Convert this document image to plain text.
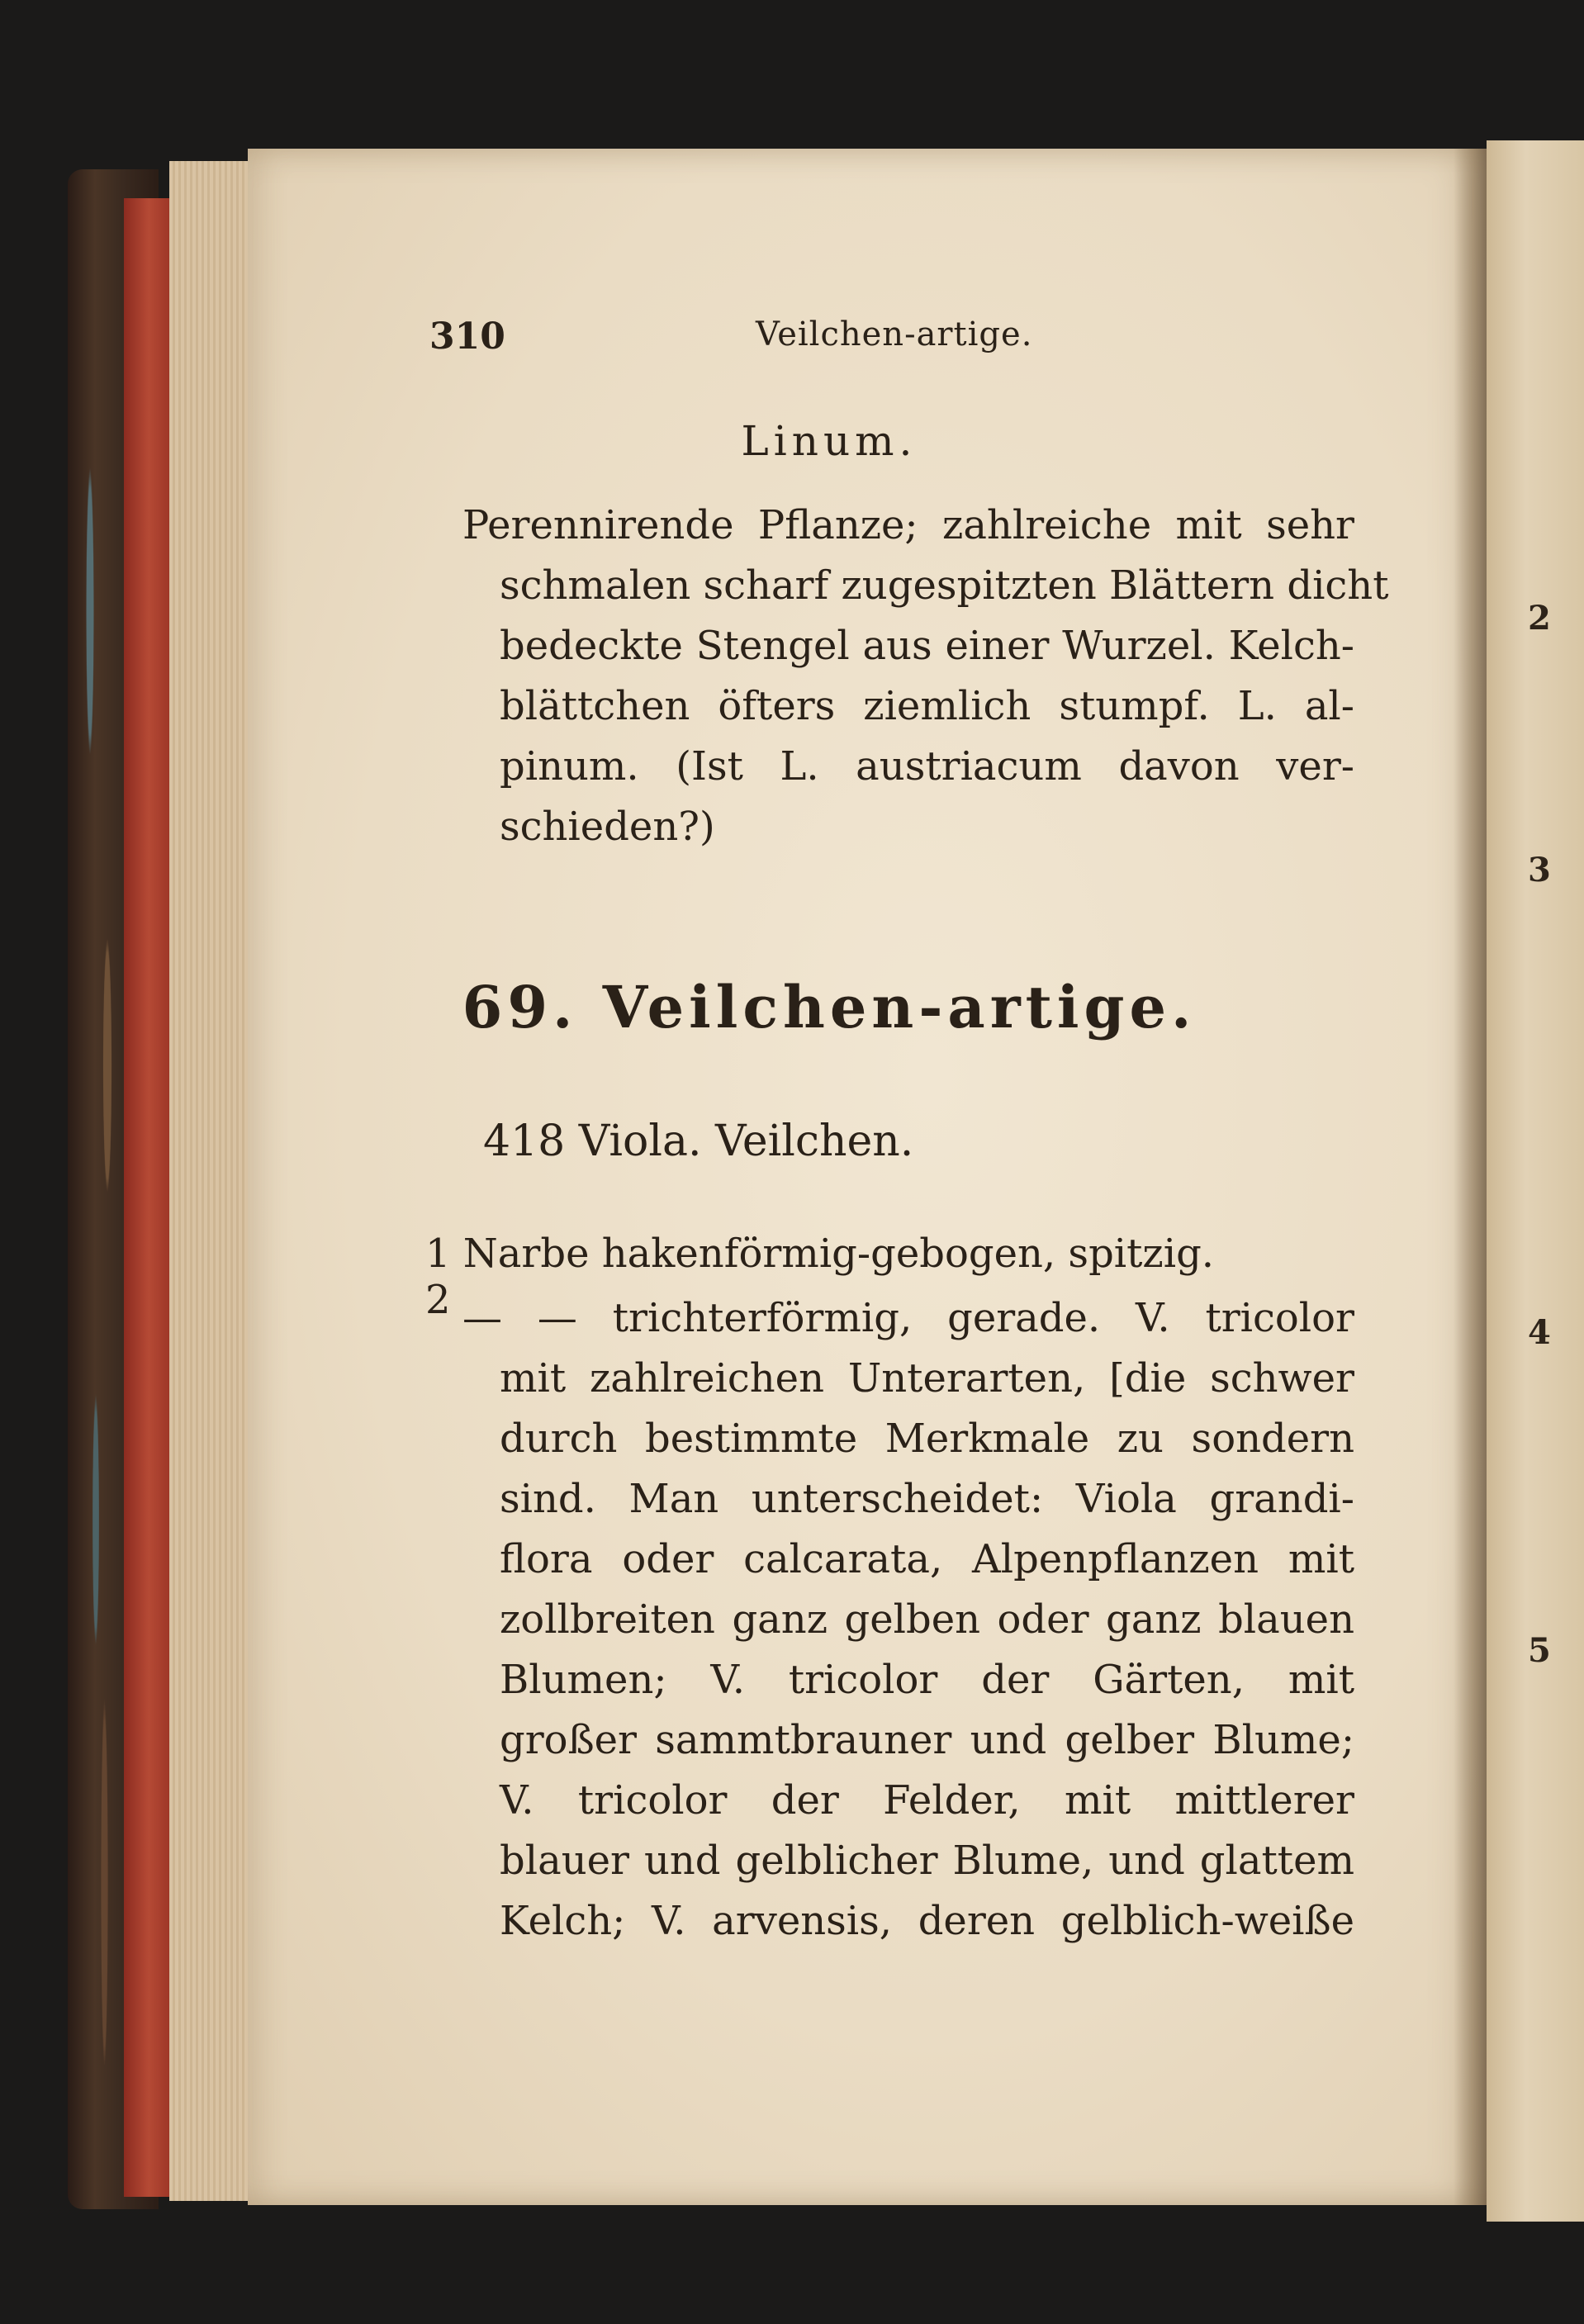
2
3
4
5
310	Veilchen-artige.
Linum.
Perennirende Pflanze; zahlreiche mit sehr
schmalen scharf zugespitzten Blättern dicht
bedeckte Stengel aus einer Wurzel. Kelch-
blättchen öfters ziemlich stumpf. L. al-
pinum. (Ist L. austriacum davon ver-
schieden?)
69. Veilchen-artige.
418 Viola. Veilchen.
1 Narbe hakenförmig-gebogen, spitzig. 2 — — trichterförmig, gerade. V. tricolor
mit zahlreichen Unterarten, [die schwer
durch bestimmte Merkmale zu sondern
sind. Man unterscheidet: Viola grandi-
flora oder calcarata, Alpenpflanzen mit
zollbreiten ganz gelben oder ganz blauen
Blumen; V. tricolor der Gärten, mit
großer sammtbrauner und gelber Blume;
V. tricolor der Felder, mit mittlerer
blauer und gelblicher Blume, und glattem
Kelch; V. arvensis, deren gelblich-weiße
